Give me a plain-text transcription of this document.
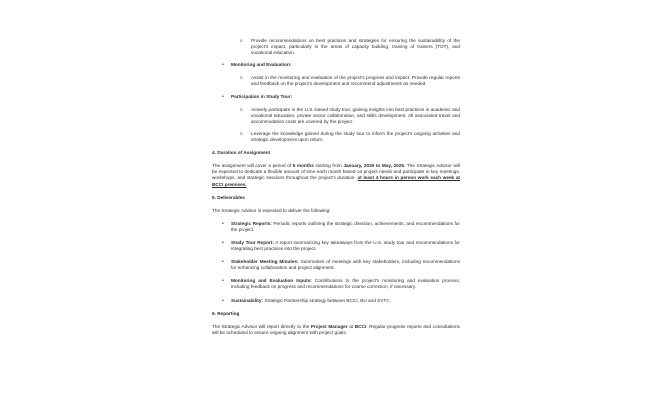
o Provide recommendations on best practices and strategies for ensuring the sustainability of the project's impact, particularly in the areas of capacity building, training of trainers (TOT), and vocational education.

• Monitoring and Evaluation:
o Assist in the monitoring and evaluation of the project's progress and impact. Provide regular reports and feedback on the project's development and recommend adjustments as needed.

• Participation in Study Tour:
o Actively participate in the U.S.-based study tour, gaining insights into best practices in academic and vocational education, private sector collaboration, and skills development. All associated travel and accommodation costs are covered by the project.

o Leverage the knowledge gained during the study tour to inform the project's ongoing activities and strategic development upon return.

4. Duration of Assignment

The assignment will cover a period of 5 months starting from January, 2025 to May, 2025. The Strategic Advisor will be expected to dedicate a flexible amount of time each month based on project needs and participate in key meetings, workshops, and strategic sessions throughout the project's duration- at least 4 hours in person work each week at BCCI premises.

5. Deliverables

The Strategic Advisor is expected to deliver the following:

• Strategic Reports: Periodic reports outlining the strategic direction, achievements, and recommendations for the project.

• Study Tour Report: A report summarizing key takeaways from the U.S. study tour and recommendations for integrating best practices into the project.

• Stakeholder Meeting Minutes: Summaries of meetings with key stakeholders, including recommendations for enhancing collaboration and project alignment.

• Monitoring and Evaluation Inputs: Contributions to the project's monitoring and evaluation process, including feedback on progress and recommendations for course correction, if necessary.

• Sustainability: Strategic Partnership strategy between BCCI, BU and SVTC.

6. Reporting

The Strategic Advisor will report directly to the Project Manager at BCCI. Regular progress reports and consultations will be scheduled to ensure ongoing alignment with project goals.
